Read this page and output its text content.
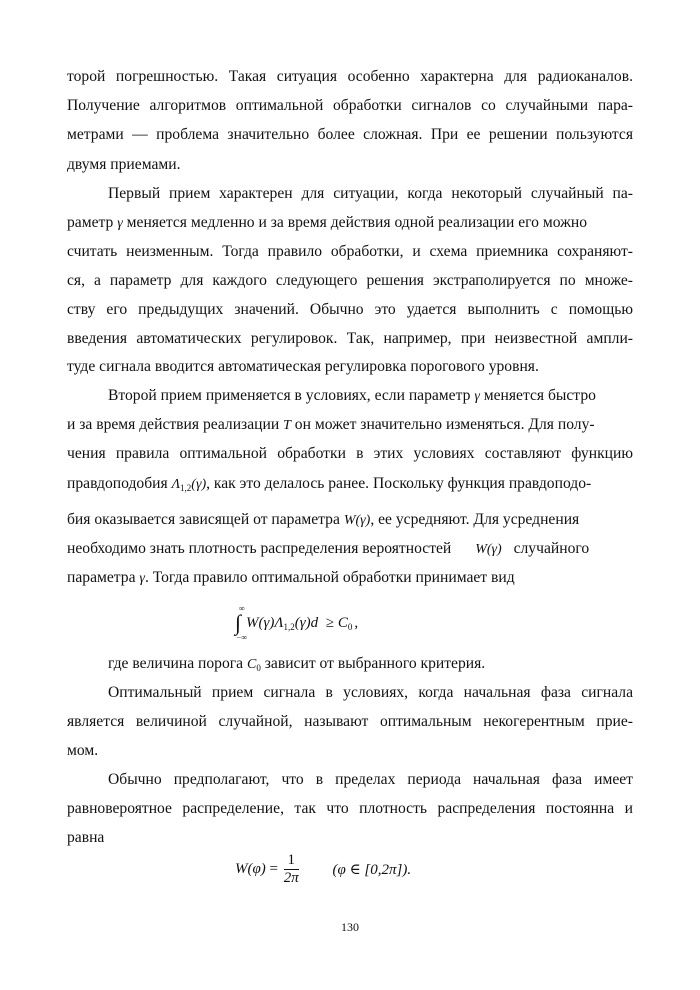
торой погрешностью. Такая ситуация особенно характерна для радиоканалов.
Получение алгоритмов оптимальной обработки сигналов со случайными пара-
метрами — проблема значительно более сложная. При ее решении пользуются
двумя приемами.
Первый прием характерен для ситуации, когда некоторый случайный па-
раметр γ меняется медленно и за время действия одной реализации его можно
считать неизменным. Тогда правило обработки, и схема приемника сохраняют-
ся, а параметр для каждого следующего решения экстраполируется по множе-
ству его предыдущих значений. Обычно это удается выполнить с помощью
введения автоматических регулировок. Так, например, при неизвестной ампли-
туде сигнала вводится автоматическая регулировка порогового уровня.
Второй прием применяется в условиях, если параметр γ меняется быстро
и за время действия реализации T он может значительно изменяться. Для полу-
чения правила оптимальной обработки в этих условиях составляют функцию
правдоподобия $\Lambda_{1,2}(\gamma)$, как это делалось ранее. Поскольку функция правдоподо-
бия оказывается зависящей от параметра W(γ), ее усредняют. Для усреднения
необходимо знать плотность распределения вероятностей W(γ) случайного
параметра γ. Тогда правило оптимальной обработки принимает вид
∞
∫
−∞
$W(\gamma)\Lambda_{1,2}(\gamma)d \ge C_0$ ,
где величина порога $C_0$ зависит от выбранного критерия.
Оптимальный прием сигнала в условиях, когда начальная фаза сигнала
является величиной случайной, называют оптимальным некогерентным прие-
мом.
Обычно предполагают, что в пределах периода начальная фаза имеет
равновероятное распределение, так что плотность распределения постоянна и
равна
$W(\varphi) = \frac{1}{2\pi} (\varphi$ ∈ [0,2π]).
130
